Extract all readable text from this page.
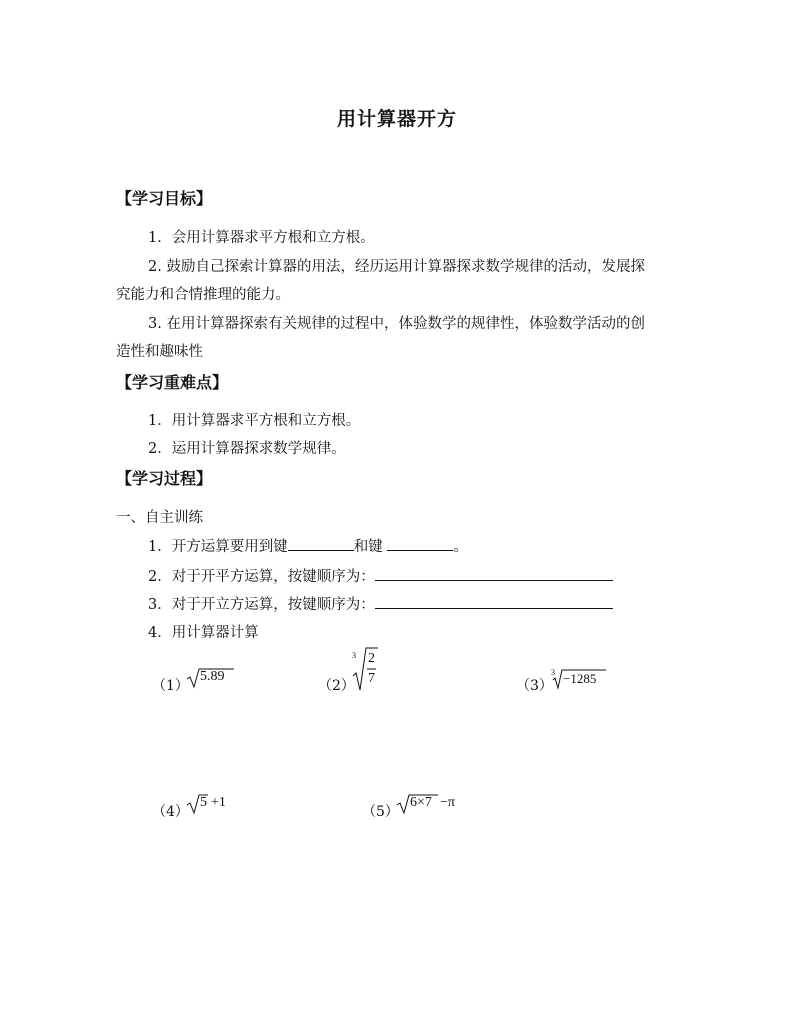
用计算器开方
【学习目标】
1．会用计算器求平方根和立方根。
2. 鼓励自己探索计算器的用法，经历运用计算器探求数学规律的活动，发展探
究能力和合情推理的能力。
3. 在用计算器探索有关规律的过程中，体验数学的规律性，体验数学活动的创
造性和趣味性
【学习重难点】
1．用计算器求平方根和立方根。
2．运用计算器探求数学规律。
【学习过程】
一、自主训练
1．开方运算要用到键	和键	。
2．对于开平方运算，按键顺序为：
3．对于开立方运算，按键顺序为：
4．用计算器计算
（1）
5.89
（2）
3 2
7	（3）
3 −1285
（4）
5 +1
（5）
6×7 −π
